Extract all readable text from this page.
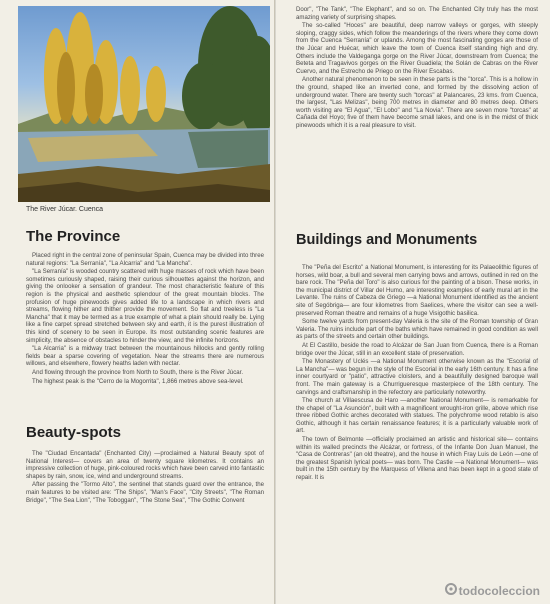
The River Júcar. Cuenca
The Province

Placed right in the central zone of peninsular Spain, Cuenca may be divided into three natural regions: "La Serranía", "La Alcarria" and "La Mancha".

"La Serranía" is wooded country scattered with huge masses of rock which have been sometimes curiously shaped, raising their curious silhouettes against the horizon, and giving the onlooker a sensation of grandeur. The most characteristic feature of this region is the physical and aesthetic splendour of the great mountain blocks. The profusion of huge pinewoods gives added life to a landscape in which rivers and streams, flowing hither and thither provide the movement. So flat and treeless is "La Mancha" that it may be termed as a true example of what a plain should really be. Lying like a fine carpet spread stretched between sky and earth, it is the purest illustration of this kind of scenery to be seen in Europe. Its most outstanding scenic features are simplicity, the absence of obstacles to hinder the view, and the infinite horizons.

"La Alcarria" is a midway tract between the mountainous hillocks and gently rolling fields bear a sparse covering of vegetation. Near the streams there are numerous willows, and elsewhere, flowery heaths laden with nectar.

And flowing through the province from North to South, there is the River Júcar.

The highest peak is the "Cerro de la Mogorrita", 1,866 metres above sea-level.

Beauty-spots

The "Ciudad Encantada" (Enchanted City) —proclaimed a Natural Beauty spot of National Interest— covers an area of twenty square kilometres. It contains an impressive collection of huge, pink-coloured rocks which have been carved into fantastic shapes by rain, snow, ice, wind and underground streams.

After passing the "Tormo Alto", the sentinel that stands guard over the entrance, the main features to be visited are: "The Ships", "Man's Face", "City Streets", "The Roman Bridge", "The Sea Lion", "The Toboggan", "The Stone Sea", "The Gothic Convent

Door", "The Tank", "The Elephant", and so on. The Enchanted City truly has the most amazing variety of surprising shapes.

The so-called "Hoces" are beautiful, deep narrow valleys or gorges, with steeply sloping, craggy sides, which follow the meanderings of the rivers where they come down from the Cuenca "Serranía" or uplands. Among the most fascinating gorges are those of the Júcar and Huécar, which leave the town of Cuenca itself standing high and dry. Others include the Valdeganga gorge on the River Júcar, downstream from Cuenca; the Beteta and Tragavivos gorges on the River Guadiela; the Solán de Cabras on the River Cuervo, and the Estrecho de Priego on the River Escabas.

Another natural phenomenon to be seen in these parts is the "torca". This is a hollow in the ground, shaped like an inverted cone, and formed by the dissolving action of underground water. There are twenty such "torcas" at Palancares, 23 kms. from Cuenca, the largest, "Las Melizas", being 700 metres in diameter and 80 metres deep. Others worth visiting are "El Agua", "El Lobo" and "La Novia". There are seven more "torcas" at Cañada del Hoyo; five of them have become small lakes, and one is in the midst of thick pinewoods which it is a real pleasure to visit.

Buildings and Monuments

The "Peña del Escrito" a National Monument, is interesting for its Palaeolithic figures of horses, wild boar, a bull and several men carrying bows and arrows, outlined in red on the bare rock. The "Peña del Toro" is also curious for the painting of a bison. These works, in the municipal district of Villar del Humo, are interesting examples of early mural art in the Levante. The ruins of Cabeza de Griego —a National Monument identified as the ancient site of Segóbriga— are four kilometres from Saelices, where the visitor can see a well-preserved Roman theatre and remains of a huge Visigothic basilica.

Some twelve yards from present-day Valeria is the site of the Roman township of Gran Valeria. The ruins include part of the baths which have remained in good condition as well as parts of the streets and certain other buildings.

At El Castillo, beside the road to Alcázar de San Juan from Cuenca, there is a Roman bridge over the Júcar, still in an excellent state of preservation.

The Monastery of Uclés —a National Monument otherwise known as the "Escorial of La Mancha"— was begun in the style of the Escorial in the early 16th century. It has a fine inner courtyard or "patio", attractive cloisters, and a beautifully designed baroque wall front. The main gateway is a Churrigueresque masterpiece of the 18th century. The carvings and craftsmanship in the refectory are particularly noteworthy.

The church at Villaescusa de Haro —another National Monument— is remarkable for the chapel of "La Asunción", built with a magnificent wrought-iron grille, above which rise three ribbed Gothic arches decorated with statues. The polychrome wood retablo is also Gothic, although it has certain renaissance features; it is a particularly valuable work of art.

The town of Belmonte —officially proclaimed an artistic and historical site— contains within its walled precincts the Alcázar, or fortress, of the Infante Don Juan Manuel, the "Casa de Contreras" (an old theatre), and the house in which Fray Luis de León —one of the greatest Spanish lyrical poets— was born. The Castle —a National Monument— was built in the 15th century by the Marquess of Villena and has been kept in a good state of repair. It is

todocoleccion
